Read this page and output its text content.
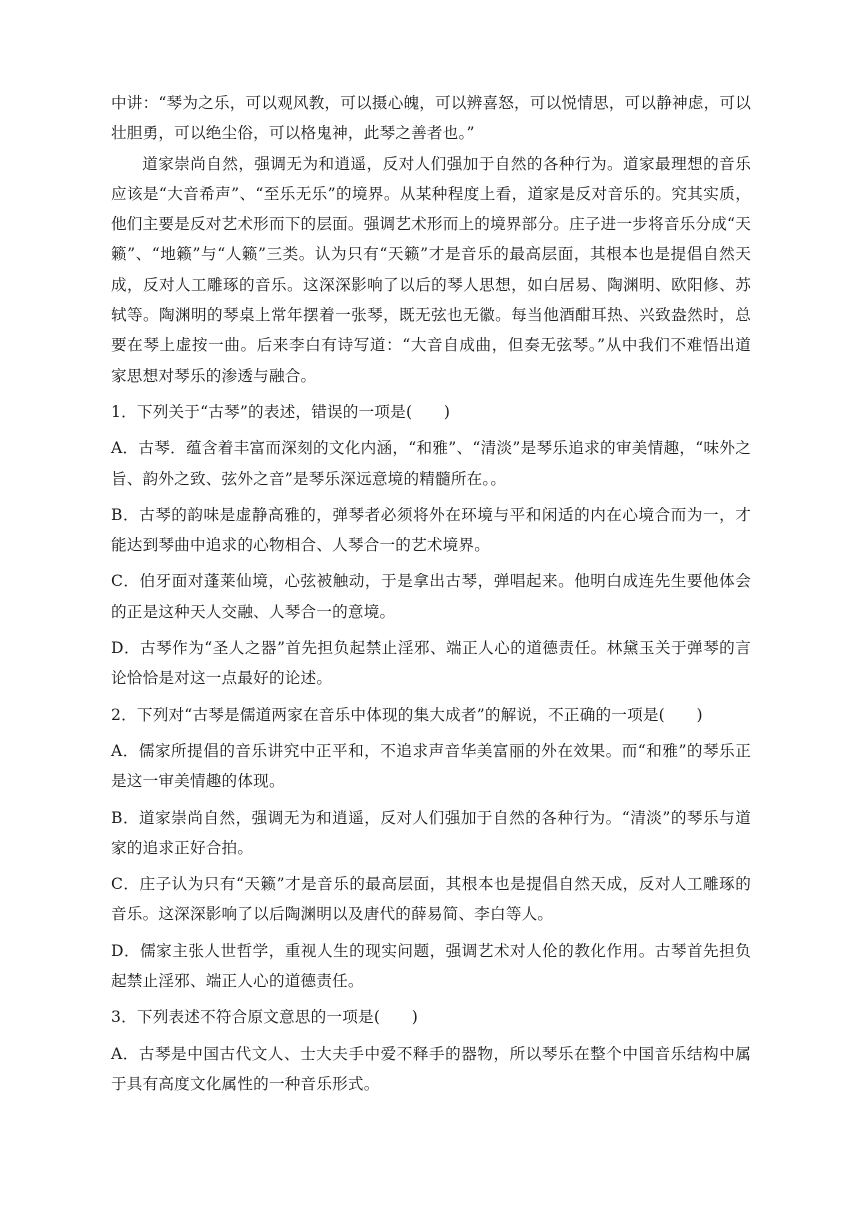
中讲：“琴为之乐，可以观风教，可以摄心魄，可以辨喜怒，可以悦情思，可以静神虑，可以壮胆勇，可以绝尘俗，可以格鬼神，此琴之善者也。”

道家崇尚自然，强调无为和逍遥，反对人们强加于自然的各种行为。道家最理想的音乐应该是“大音希声”、“至乐无乐”的境界。从某种程度上看，道家是反对音乐的。究其实质，他们主要是反对艺术形而下的层面。强调艺术形而上的境界部分。庄子进一步将音乐分成“天籁”、“地籁”与“人籁”三类。认为只有“天籁”才是音乐的最高层面，其根本也是提倡自然天成，反对人工雕琢的音乐。这深深影响了以后的琴人思想，如白居易、陶渊明、欧阳修、苏轼等。陶渊明的琴桌上常年摆着一张琴，既无弦也无徽。每当他酒酣耳热、兴致盎然时，总要在琴上虚按一曲。后来李白有诗写道：“大音自成曲，但奏无弦琴。”从中我们不难悟出道家思想对琴乐的渗透与融合。

1．下列关于“古琴”的表述，错误的一项是(　　)

A．古琴．蕴含着丰富而深刻的文化内涵，“和雅”、“清淡”是琴乐追求的审美情趣，“味外之旨、韵外之致、弦外之音”是琴乐深远意境的精髓所在。。

B．古琴的韵味是虚静高雅的，弹琴者必须将外在环境与平和闲适的内在心境合而为一，才能达到琴曲中追求的心物相合、人琴合一的艺术境界。

C．伯牙面对蓬莱仙境，心弦被触动，于是拿出古琴，弹唱起来。他明白成连先生要他体会的正是这种天人交融、人琴合一的意境。

D．古琴作为“圣人之器”首先担负起禁止淫邪、端正人心的道德责任。林黛玉关于弹琴的言论恰恰是对这一点最好的论述。

2．下列对“古琴是儒道两家在音乐中体现的集大成者”的解说，不正确的一项是(　　)

A．儒家所提倡的音乐讲究中正平和，不追求声音华美富丽的外在效果。而“和雅”的琴乐正是这一审美情趣的体现。

B．道家崇尚自然，强调无为和逍遥，反对人们强加于自然的各种行为。“清淡”的琴乐与道家的追求正好合拍。

C．庄子认为只有“天籁”才是音乐的最高层面，其根本也是提倡自然天成，反对人工雕琢的音乐。这深深影响了以后陶渊明以及唐代的薛易简、李白等人。

D．儒家主张人世哲学，重视人生的现实问题，强调艺术对人伦的教化作用。古琴首先担负起禁止淫邪、端正人心的道德责任。

3．下列表述不符合原文意思的一项是(　　)

A．古琴是中国古代文人、士大夫手中爱不释手的器物，所以琴乐在整个中国音乐结构中属于具有高度文化属性的一种音乐形式。
